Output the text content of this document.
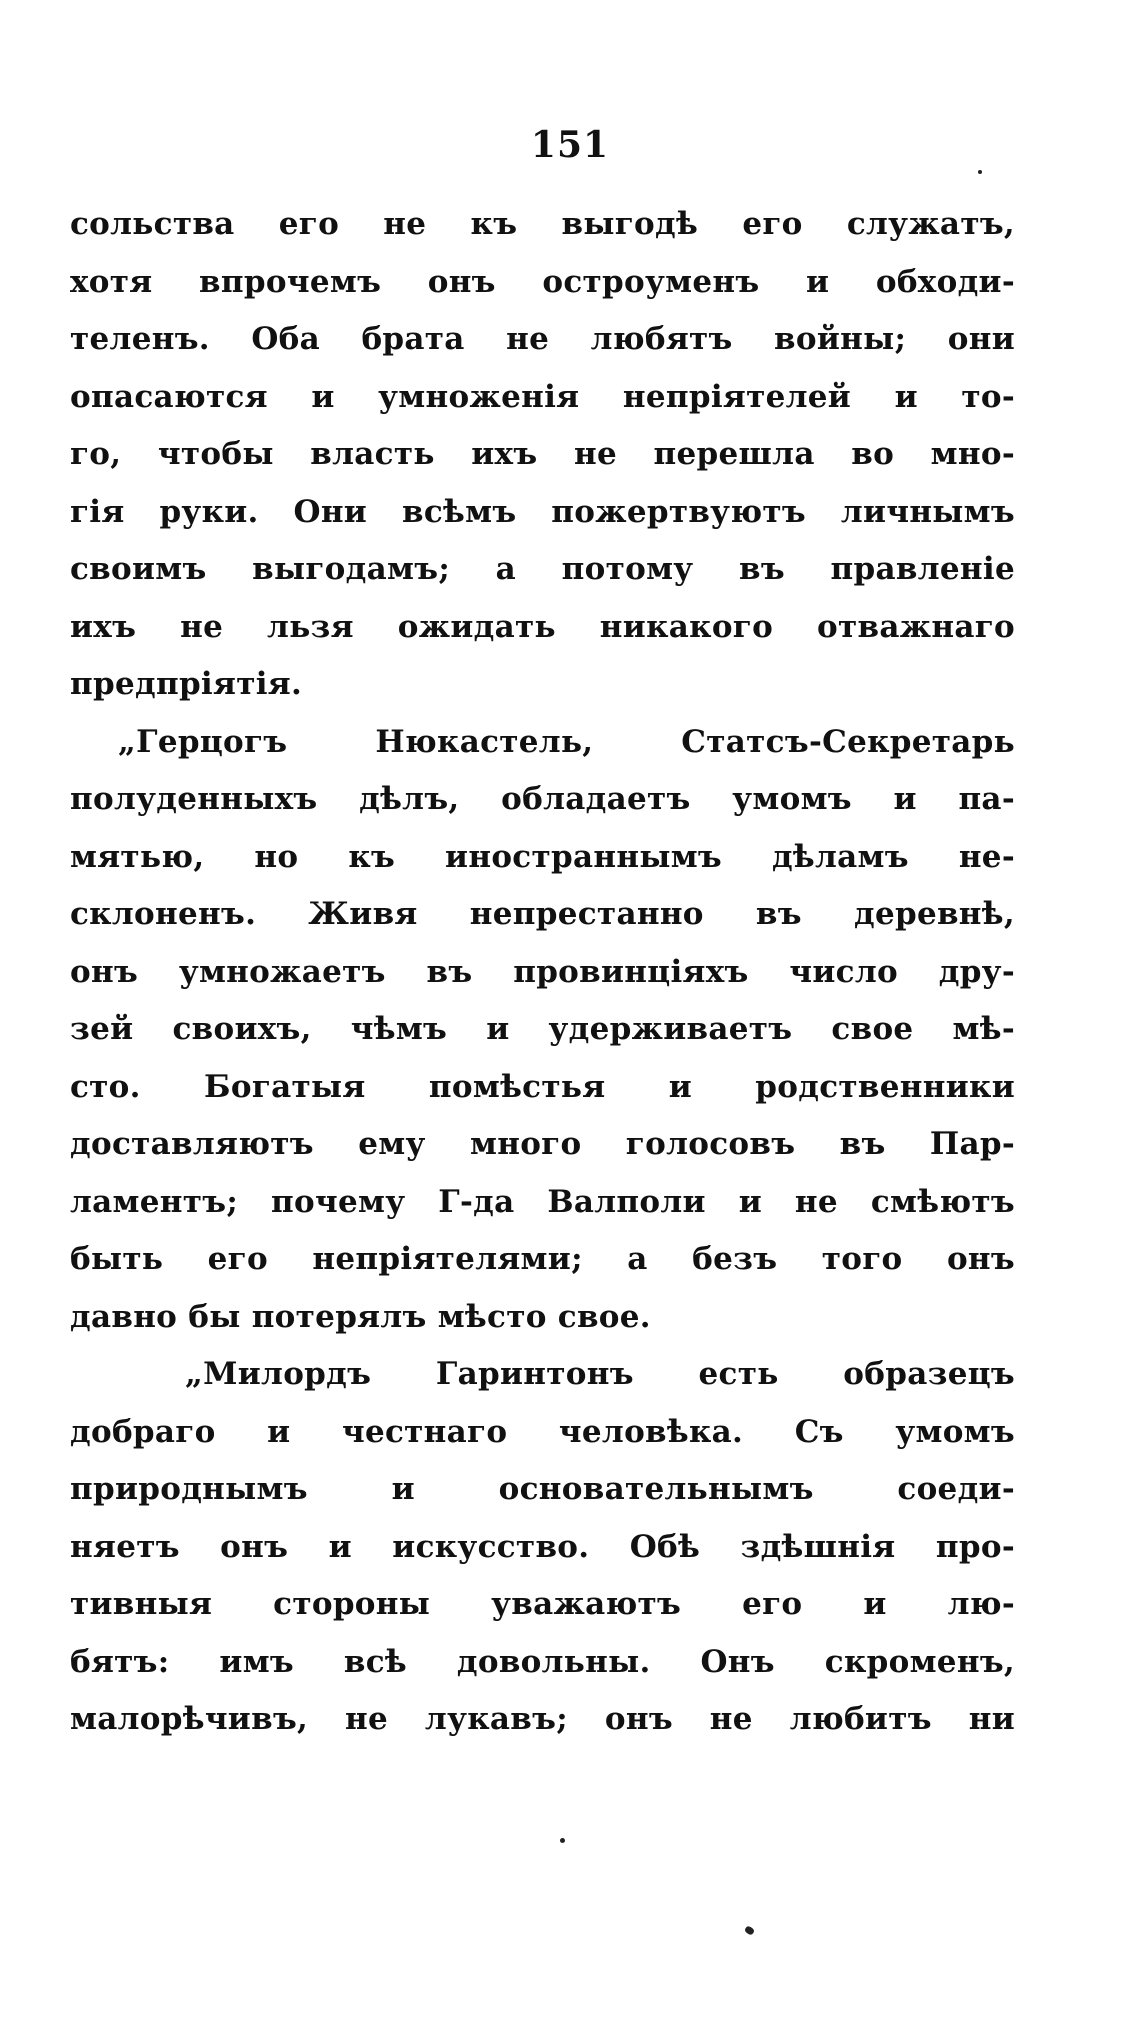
151
сольства его не къ выгодѣ его служатъ,
хотя впрочемъ онъ остроуменъ и обходи-
теленъ. Оба брата не любятъ войны; они
опасаются и умноженія непріятелей и то-
го, чтобы власть ихъ не перешла во мно-
гія руки. Они всѣмъ пожертвуютъ личнымъ
своимъ выгодамъ; а потому въ правленіе
ихъ не льзя ожидать никакого отважнаго
предпріятія.
„Герцогъ Нюкастель, Статсъ-Секретарь
полуденныхъ дѣлъ, обладаетъ умомъ и па-
мятью, но къ иностраннымъ дѣламъ не-
склоненъ. Живя непрестанно въ деревнѣ,
онъ умножаетъ въ провинціяхъ число дру-
зей своихъ, чѣмъ и удерживаетъ свое мѣ-
сто. Богатыя помѣстья и родственники
доставляютъ ему много голосовъ въ Пар-
ламентъ; почему Г-да Валполи и не смѣютъ
быть его непріятелями; а безъ того онъ
давно бы потерялъ мѣсто свое.
„Милордъ Гаринтонъ есть образецъ
добраго и честнаго человѣка. Съ умомъ
природнымъ и основательнымъ соеди-
няетъ онъ и искусство. Обѣ здѣшнія про-
тивныя стороны уважаютъ его и лю-
бятъ: имъ всѣ довольны. Онъ скроменъ,
малорѣчивъ, не лукавъ; онъ не любитъ ни
